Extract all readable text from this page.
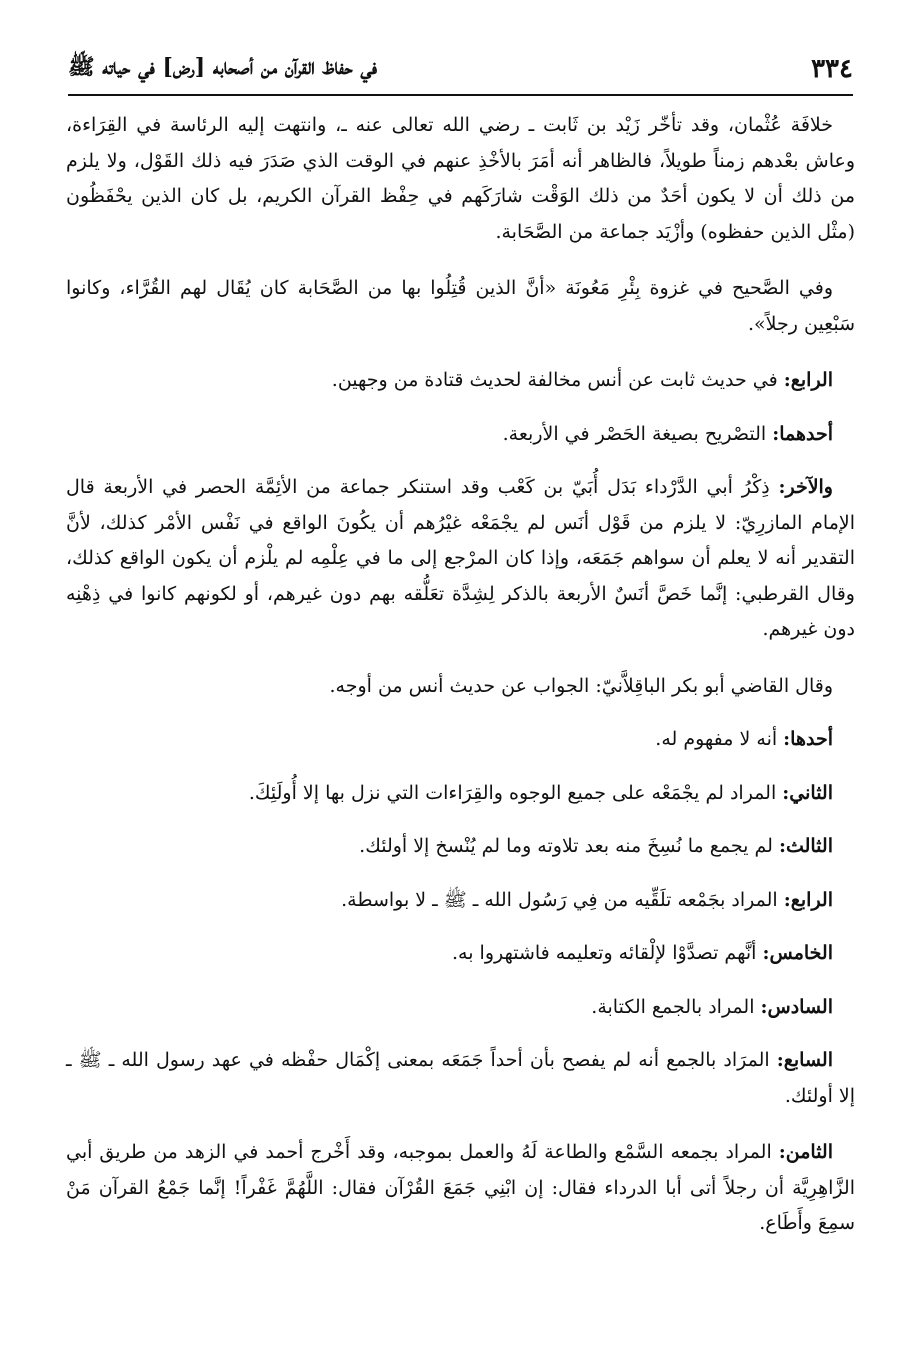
٣٣٤
في حفاظ القرآن من أصحابه [رض] في حياته ﷺ

خلافَة عُثْمان، وقد تأخّر زَيْد بن ثَابت ـ رضي الله تعالى عنه ـ، وانتهت إليه الرئاسة في القِرَاءة، وعاش بعْدهم زمناً طويلاً، فالظاهر أنه أمَرَ بالأخْذِ عنهم في الوقت الذي صَدَرَ فيه ذلك القَوْل، ولا يلزم من ذلك أن لا يكون أحَدٌ من ذلك الوَقْت شارَكَهم في حِفْظ القرآن الكريم، بل كان الذين يحْفَظُون (مثْل الذين حفظوه) وأزْيَد جماعة من الصَّحَابة.

وفي الصَّحيح في غزوة بِئْرِ مَعُونَة «أنَّ الذين قُتِلُوا بها من الصَّحَابة كان يُقَال لهم القُرَّاء، وكانوا سَبْعِين رجلاً».

الرابع: في حديث ثابت عن أنس مخالفة لحديث قتادة من وجهين.

أحدهما: التصْريح بصيغة الحَصْر في الأربعة.

والآخر: ذِكْرُ أبي الدَّرْداء بَدَل أُبَيّ بن كَعْب وقد استنكر جماعة من الأئِمَّة الحصر في الأربعة قال الإمام المازرِيّ: لا يلزم من قَوْل أنَس لم يجْمَعْه غيْرُهم أن يكُونَ الواقع في نَفْس الأمْر كذلك، لأنَّ التقدير أنه لا يعلم أن سواهم جَمَعَه، وإذا كان المرْجع إلى ما في عِلْمِه لم يلْزم أن يكون الواقع كذلك، وقال القرطبي: إنَّما خَصَّ أنَسٌ الأربعة بالذكر لِشِدَّة تعَلُّقه بهم دون غيرهم، أو لكونهم كانوا في ذِهْنِه دون غيرهم.

وقال القاضي أبو بكر الباقِلاَّنيّ: الجواب عن حديث أنس من أوجه.

أحدها: أنه لا مفهوم له.

الثاني: المراد لم يجْمَعْه على جميع الوجوه والقِرَاءات التي نزل بها إلا أُولَئِكَ.

الثالث: لم يجمع ما نُسِخَ منه بعد تلاوته وما لم يُنْسخ إلا أولئك.

الرابع: المراد بجَمْعه تلَقِّيه من فِي رَسُول الله ـ ﷺ ـ لا بواسطة.

الخامس: أنَّهم تصدَّوْا لإلْقائه وتعليمه فاشتهروا به.

السادس: المراد بالجمع الكتابة.

السابع: المرَاد بالجمع أنه لم يفصح بأن أحداً جَمَعَه بمعنى إكْمَال حفْظه في عهد رسول الله ـ ﷺ ـ إلا أولئك.

الثامن: المراد بجمعه السَّمْع والطاعة لَهُ والعمل بموجبه، وقد أَخْرج أحمد في الزهد من طريق أبي الزَّاهِرِيَّة أن رجلاً أتى أبا الدرداء فقال: إن ابْنِي جَمَعَ القُرْآن فقال: اللَّهُمَّ غَفْراً! إنَّما جَمْعُ القرآن مَنْ سمِعَ وأَطَاع.
